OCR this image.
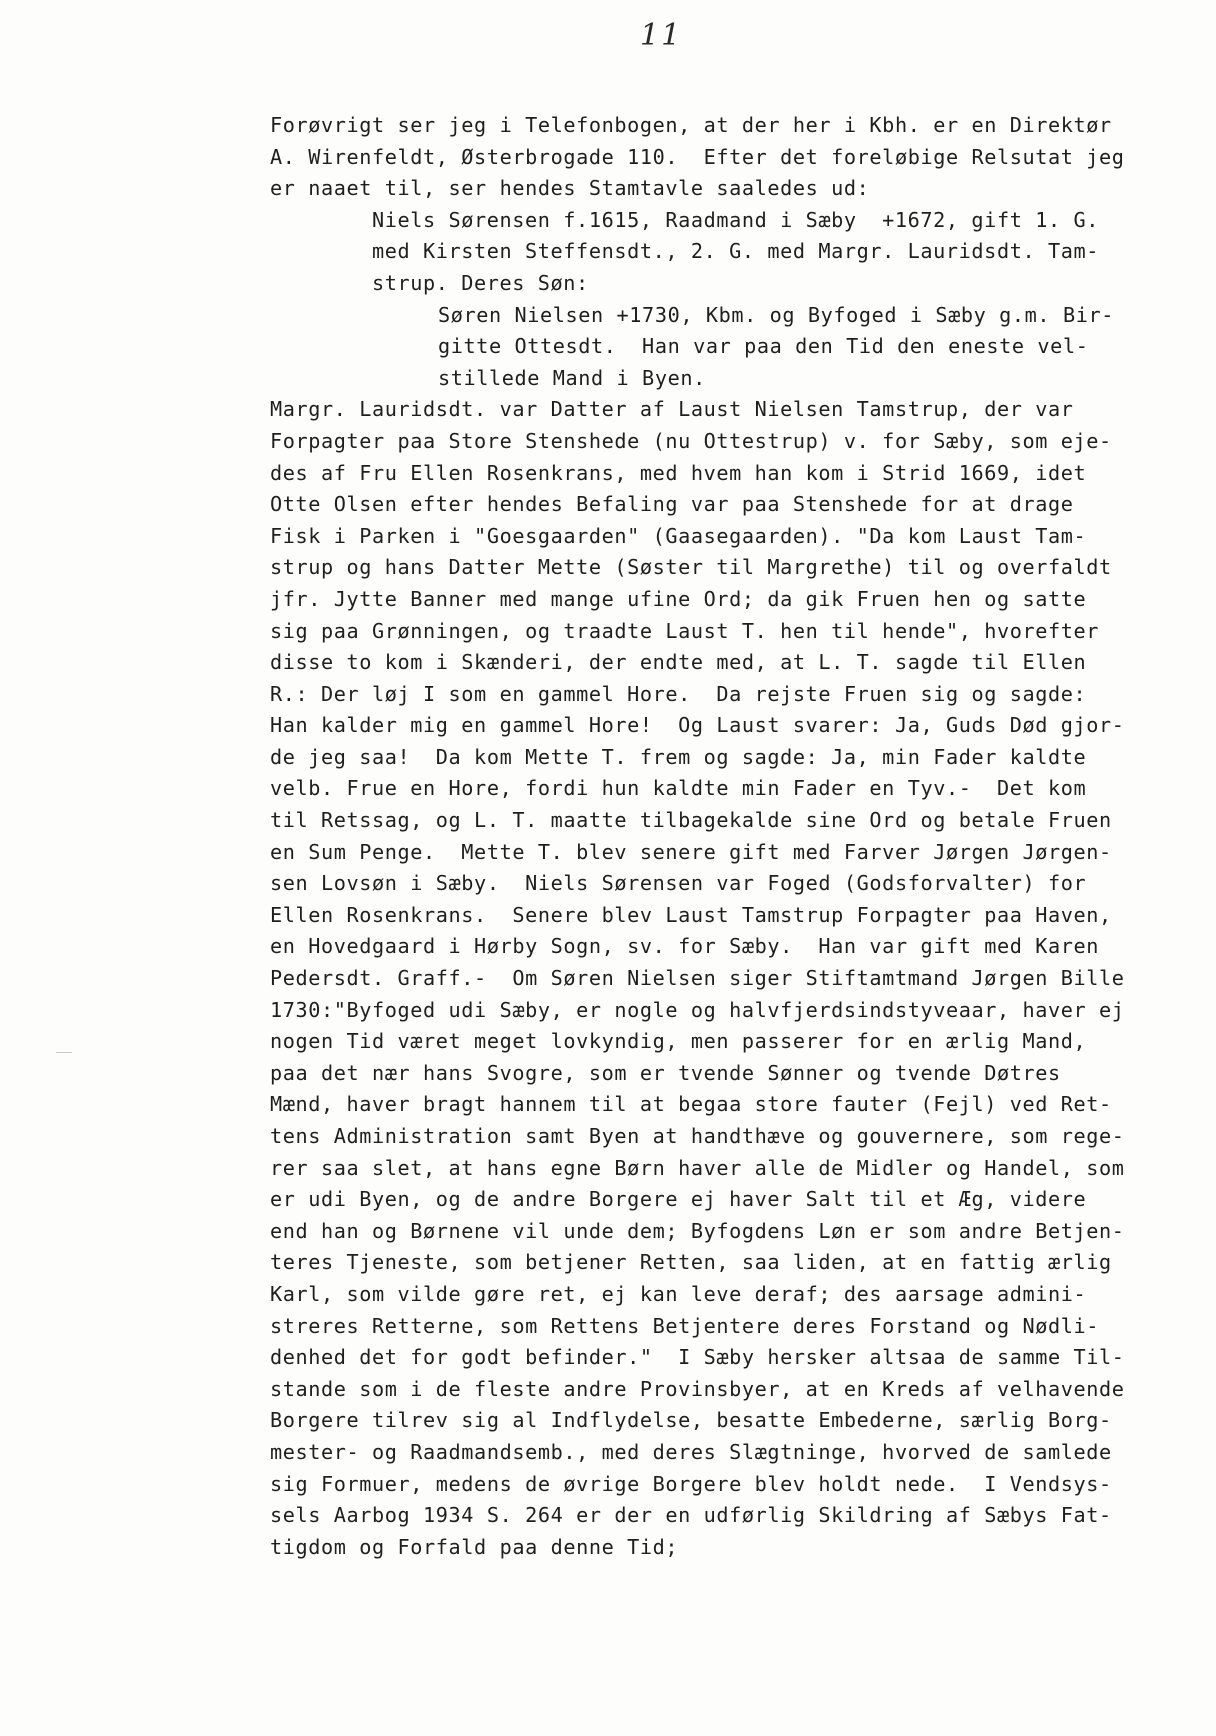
11
Forøvrigt ser jeg i Telefonbogen, at der her i Kbh. er en Direktør
A. Wirenfeldt, Østerbrogade 110.  Efter det foreløbige Relsutat jeg
er naaet til, ser hendes Stamtavle saaledes ud:
Niels Sørensen f.1615, Raadmand i Sæby  +1672, gift 1. G.
med Kirsten Steffensdt., 2. G. med Margr. Lauridsdt. Tam-
strup. Deres Søn:
Søren Nielsen +1730, Kbm. og Byfoged i Sæby g.m. Bir-
gitte Ottesdt.  Han var paa den Tid den eneste vel-
stillede Mand i Byen.
Margr. Lauridsdt. var Datter af Laust Nielsen Tamstrup, der var
Forpagter paa Store Stenshede (nu Ottestrup) v. for Sæby, som eje-
des af Fru Ellen Rosenkrans, med hvem han kom i Strid 1669, idet
Otte Olsen efter hendes Befaling var paa Stenshede for at drage
Fisk i Parken i "Goesgaarden" (Gaasegaarden). "Da kom Laust Tam-
strup og hans Datter Mette (Søster til Margrethe) til og overfaldt
jfr. Jytte Banner med mange ufine Ord; da gik Fruen hen og satte
sig paa Grønningen, og traadte Laust T. hen til hende", hvorefter
disse to kom i Skænderi, der endte med, at L. T. sagde til Ellen
R.: Der løj I som en gammel Hore.  Da rejste Fruen sig og sagde:
Han kalder mig en gammel Hore!  Og Laust svarer: Ja, Guds Død gjor-
de jeg saa!  Da kom Mette T. frem og sagde: Ja, min Fader kaldte
velb. Frue en Hore, fordi hun kaldte min Fader en Tyv.-  Det kom
til Retssag, og L. T. maatte tilbagekalde sine Ord og betale Fruen
en Sum Penge.  Mette T. blev senere gift med Farver Jørgen Jørgen-
sen Lovsøn i Sæby.  Niels Sørensen var Foged (Godsforvalter) for
Ellen Rosenkrans.  Senere blev Laust Tamstrup Forpagter paa Haven,
en Hovedgaard i Hørby Sogn, sv. for Sæby.  Han var gift med Karen
Pedersdt. Graff.-  Om Søren Nielsen siger Stiftamtmand Jørgen Bille
1730:"Byfoged udi Sæby, er nogle og halvfjerdsindstyveaar, haver ej
nogen Tid været meget lovkyndig, men passerer for en ærlig Mand,
paa det nær hans Svogre, som er tvende Sønner og tvende Døtres
Mænd, haver bragt hannem til at begaa store fauter (Fejl) ved Ret-
tens Administration samt Byen at handthæve og gouvernere, som rege-
rer saa slet, at hans egne Børn haver alle de Midler og Handel, som
er udi Byen, og de andre Borgere ej haver Salt til et Æg, videre
end han og Børnene vil unde dem; Byfogdens Løn er som andre Betjen-
teres Tjeneste, som betjener Retten, saa liden, at en fattig ærlig
Karl, som vilde gøre ret, ej kan leve deraf; des aarsage admini-
streres Retterne, som Rettens Betjentere deres Forstand og Nødli-
denhed det for godt befinder."  I Sæby hersker altsaa de samme Til-
stande som i de fleste andre Provinsbyer, at en Kreds af velhavende
Borgere tilrev sig al Indflydelse, besatte Embederne, særlig Borg-
mester- og Raadmandsemb., med deres Slægtninge, hvorved de samlede
sig Formuer, medens de øvrige Borgere blev holdt nede.  I Vendsys-
sels Aarbog 1934 S. 264 er der en udførlig Skildring af Sæbys Fat-
tigdom og Forfald paa denne Tid;
